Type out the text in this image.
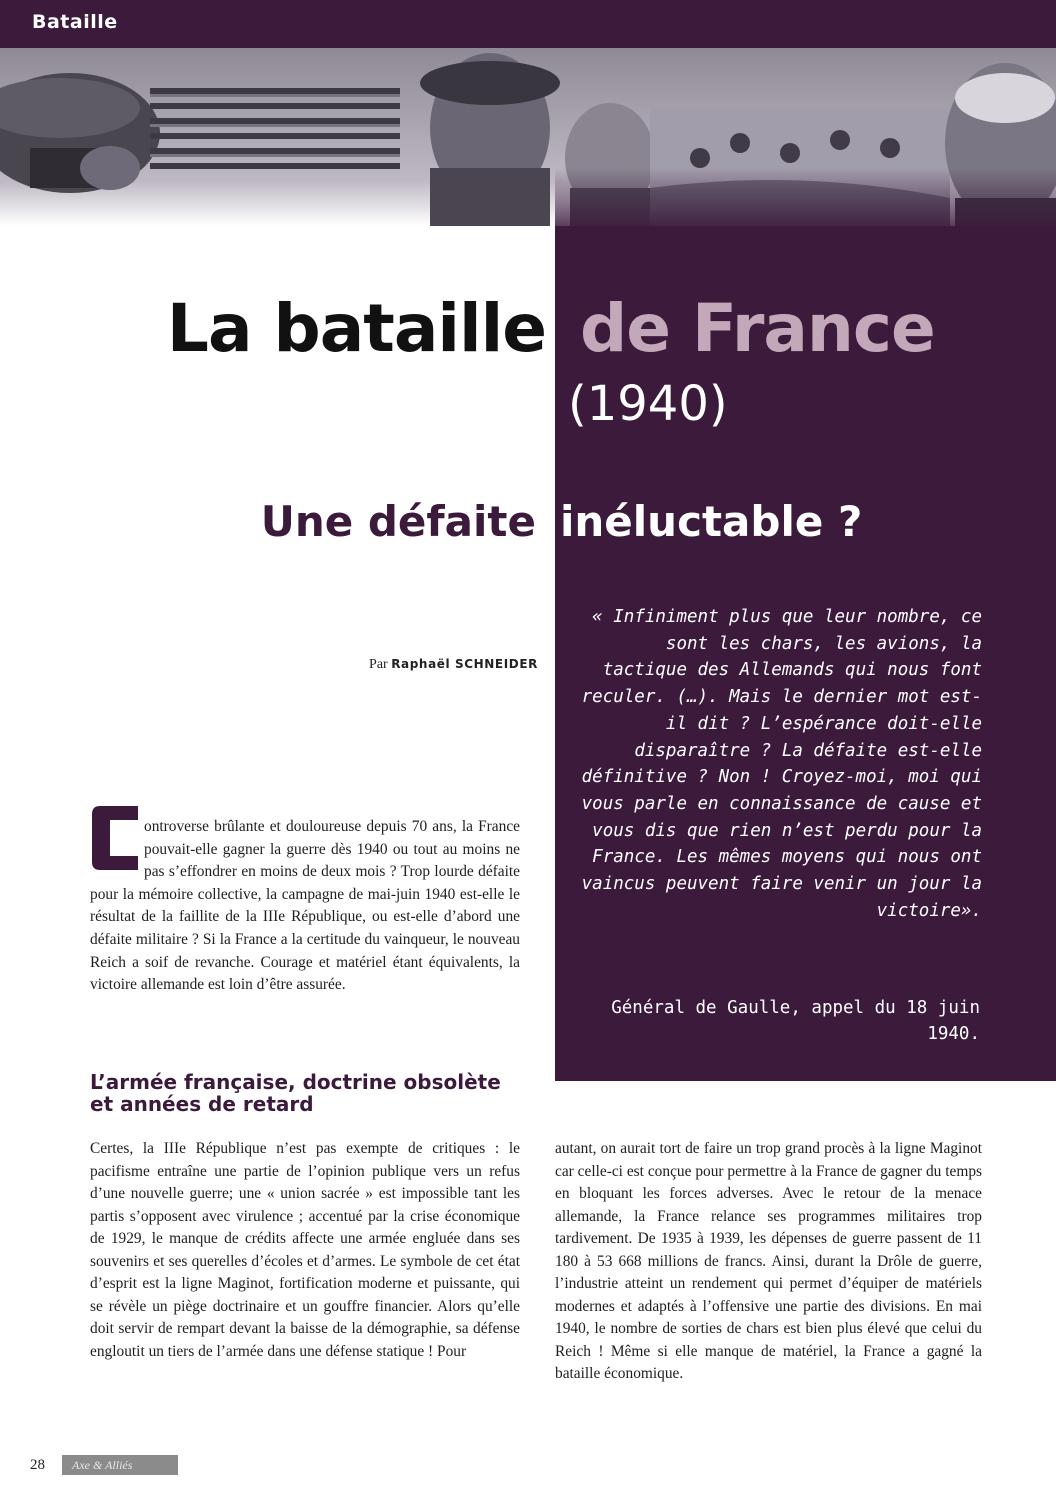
Bataille
La bataille de France
(1940)
Une défaite inéluctable ?
Par Raphaël SCHNEIDER

« Infiniment plus que leur nombre, ce sont les chars, les avions, la tactique des Allemands qui nous font reculer. (…). Mais le dernier mot est-il dit ? L’espérance doit-elle disparaître ? La défaite est-elle définitive ? Non ! Croyez-moi, moi qui vous parle en connaissance de cause et vous dis que rien n’est perdu pour la France. Les mêmes moyens qui nous ont vaincus peuvent faire venir un jour la victoire».

Général de Gaulle, appel du 18 juin 1940.

ontroverse brûlante et douloureuse depuis 70 ans, la France pouvait-elle gagner la guerre dès 1940 ou tout au moins ne pas s’effondrer en moins de deux mois ? Trop lourde défaite pour la mémoire collective, la campagne de mai-juin 1940 est-elle le résultat de la faillite de la IIIe République, ou est-elle d’abord une défaite militaire ? Si la France a la certitude du vainqueur, le nouveau Reich a soif de revanche. Courage et matériel étant équivalents, la victoire allemande est loin d’être assurée.

L’armée française, doctrine obsolète et années de retard

Certes, la IIIe République n’est pas exempte de critiques : le pacifisme entraîne une partie de l’opinion publique vers un refus d’une nouvelle guerre; une « union sacrée » est impossible tant les partis s’opposent avec virulence ; accentué par la crise économique de 1929, le manque de crédits affecte une armée engluée dans ses souvenirs et ses querelles d’écoles et d’armes. Le symbole de cet état d’esprit est la ligne Maginot, fortification moderne et puissante, qui se révèle un piège doctrinaire et un gouffre financier. Alors qu’elle doit servir de rempart devant la baisse de la démographie, sa défense engloutit un tiers de l’armée dans une défense statique ! Pour

autant, on aurait tort de faire un trop grand procès à la ligne Maginot car celle-ci est conçue pour permettre à la France de gagner du temps en bloquant les forces adverses. Avec le retour de la menace allemande, la France relance ses programmes militaires trop tardivement. De 1935 à 1939, les dépenses de guerre passent de 11 180 à 53 668 millions de francs. Ainsi, durant la Drôle de guerre, l’industrie atteint un rendement qui permet d’équiper de matériels modernes et adaptés à l’offensive une partie des divisions. En mai 1940, le nombre de sorties de chars est bien plus élevé que celui du Reich ! Même si elle manque de matériel, la France a gagné la bataille économique.

28	Axe & Alliés
